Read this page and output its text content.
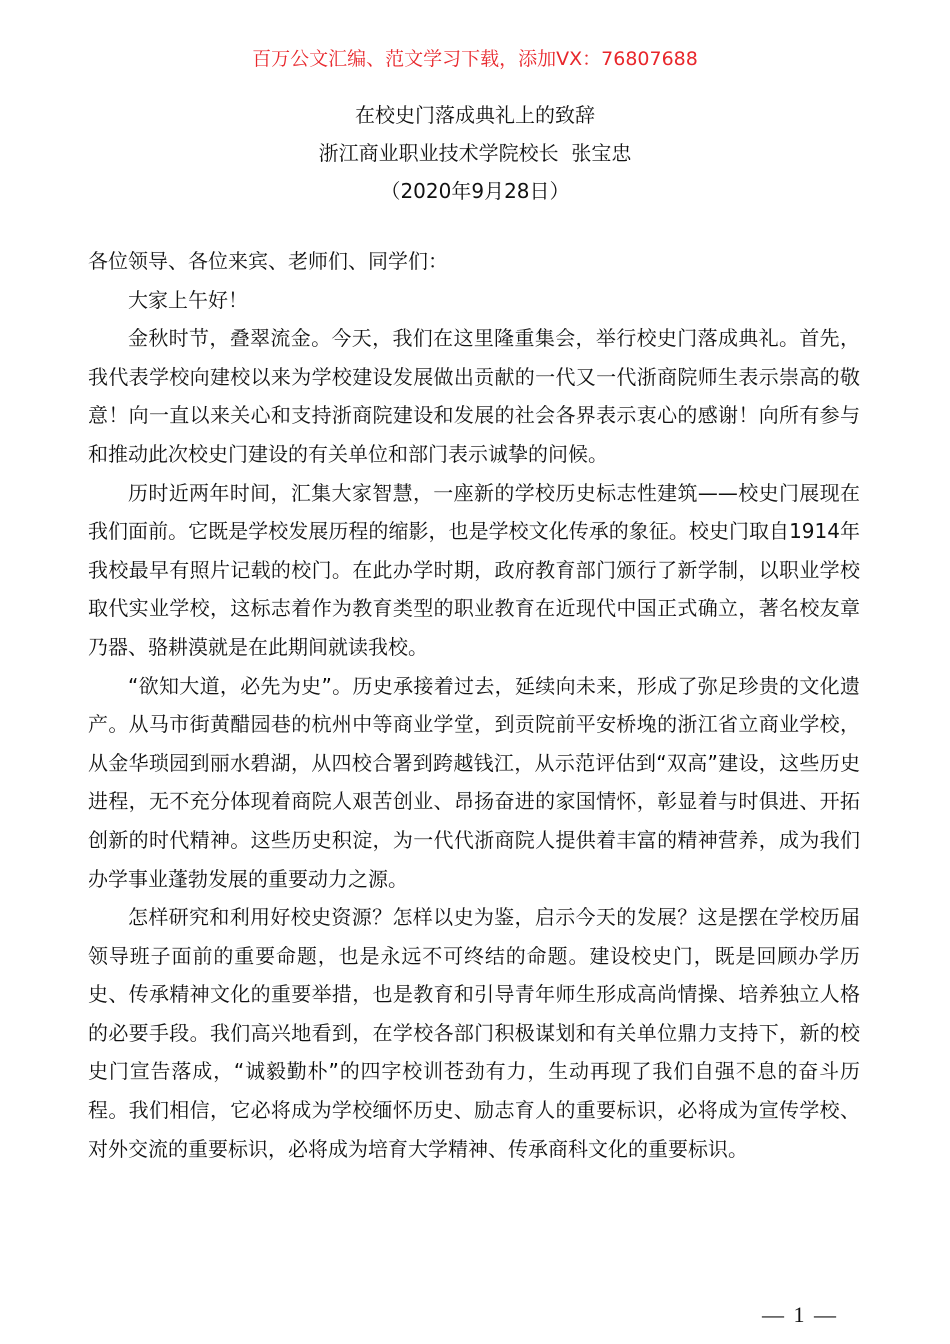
百万公文汇编、范文学习下载，添加VX：76807688
在校史门落成典礼上的致辞
浙江商业职业技术学院校长  张宝忠
（2020年9月28日）

各位领导、各位来宾、老师们、同学们：

大家上午好！

金秋时节，叠翠流金。今天，我们在这里隆重集会，举行校史门落成典礼。首先，我代表学校向建校以来为学校建设发展做出贡献的一代又一代浙商院师生表示崇高的敬意！向一直以来关心和支持浙商院建设和发展的社会各界表示衷心的感谢！向所有参与和推动此次校史门建设的有关单位和部门表示诚挚的问候。

历时近两年时间，汇集大家智慧，一座新的学校历史标志性建筑——校史门展现在我们面前。它既是学校发展历程的缩影，也是学校文化传承的象征。校史门取自1914年我校最早有照片记载的校门。在此办学时期，政府教育部门颁行了新学制，以职业学校取代实业学校，这标志着作为教育类型的职业教育在近现代中国正式确立，著名校友章乃器、骆耕漠就是在此期间就读我校。

“欲知大道，必先为史”。历史承接着过去，延续向未来，形成了弥足珍贵的文化遗产。从马市街黄醋园巷的杭州中等商业学堂，到贡院前平安桥堍的浙江省立商业学校，从金华琐园到丽水碧湖，从四校合署到跨越钱江，从示范评估到“双高”建设，这些历史进程，无不充分体现着商院人艰苦创业、昂扬奋进的家国情怀，彰显着与时俱进、开拓创新的时代精神。这些历史积淀，为一代代浙商院人提供着丰富的精神营养，成为我们办学事业蓬勃发展的重要动力之源。

怎样研究和利用好校史资源？怎样以史为鉴，启示今天的发展？这是摆在学校历届领导班子面前的重要命题，也是永远不可终结的命题。建设校史门，既是回顾办学历史、传承精神文化的重要举措，也是教育和引导青年师生形成高尚情操、培养独立人格的必要手段。我们高兴地看到，在学校各部门积极谋划和有关单位鼎力支持下，新的校史门宣告落成，“诚毅勤朴”的四字校训苍劲有力，生动再现了我们自强不息的奋斗历程。我们相信，它必将成为学校缅怀历史、励志育人的重要标识，必将成为宣传学校、对外交流的重要标识，必将成为培育大学精神、传承商科文化的重要标识。

— 1 —
